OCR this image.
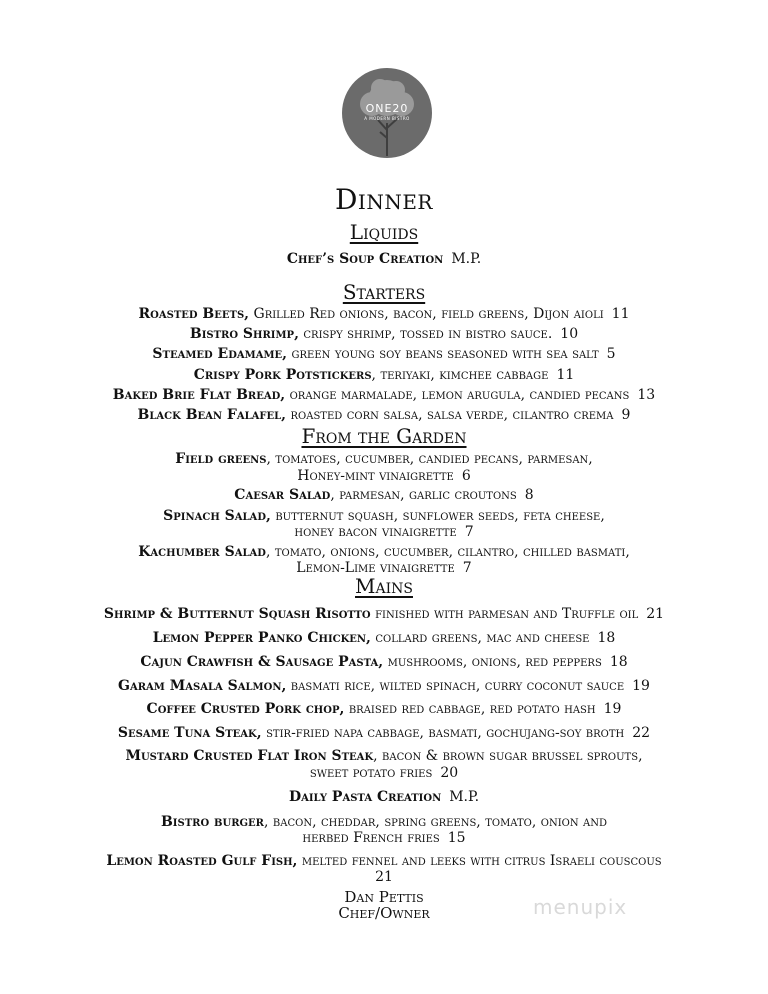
ONE20
A MODERN BISTRO
Dinner
Liquids
Chef’s Soup Creation M.P.
Starters
Roasted Beets, Grilled Red onions, bacon, field greens, Dijon aioli 11
Bistro Shrimp, crispy shrimp, tossed in bistro sauce. 10
Steamed Edamame, green young soy beans seasoned with sea salt 5
Crispy Pork Potstickers, teriyaki, kimchee cabbage 11
Baked Brie Flat Bread, orange marmalade, lemon arugula, candied pecans 13
Black Bean Falafel, roasted corn salsa, salsa verde, cilantro crema 9
From the Garden
Field greens, tomatoes, cucumber, candied pecans, parmesan,
Honey-mint vinaigrette 6
Caesar Salad, parmesan, garlic croutons 8
Spinach Salad, butternut squash, sunflower seeds, feta cheese,
honey bacon vinaigrette 7
Kachumber Salad, tomato, onions, cucumber, cilantro, chilled basmati,
Lemon-Lime vinaigrette 7
Mains
Shrimp & Butternut Squash Risotto finished with parmesan and Truffle oil 21
Lemon Pepper Panko Chicken, collard greens, mac and cheese 18
Cajun Crawfish & Sausage Pasta, mushrooms, onions, red peppers 18
Garam Masala Salmon, basmati rice, wilted spinach, curry coconut sauce 19
Coffee Crusted Pork chop, braised red cabbage, red potato hash 19
Sesame Tuna Steak, stir-fried napa cabbage, basmati, gochujang-soy broth 22
Mustard Crusted Flat Iron Steak, bacon & brown sugar brussel sprouts,
sweet potato fries 20
Daily Pasta Creation M.P.
Bistro burger, bacon, cheddar, spring greens, tomato, onion and
herbed French fries 15
Lemon Roasted Gulf Fish, melted fennel and leeks with citrus Israeli couscous
21
Dan Pettis
Chef/Owner	menupix
